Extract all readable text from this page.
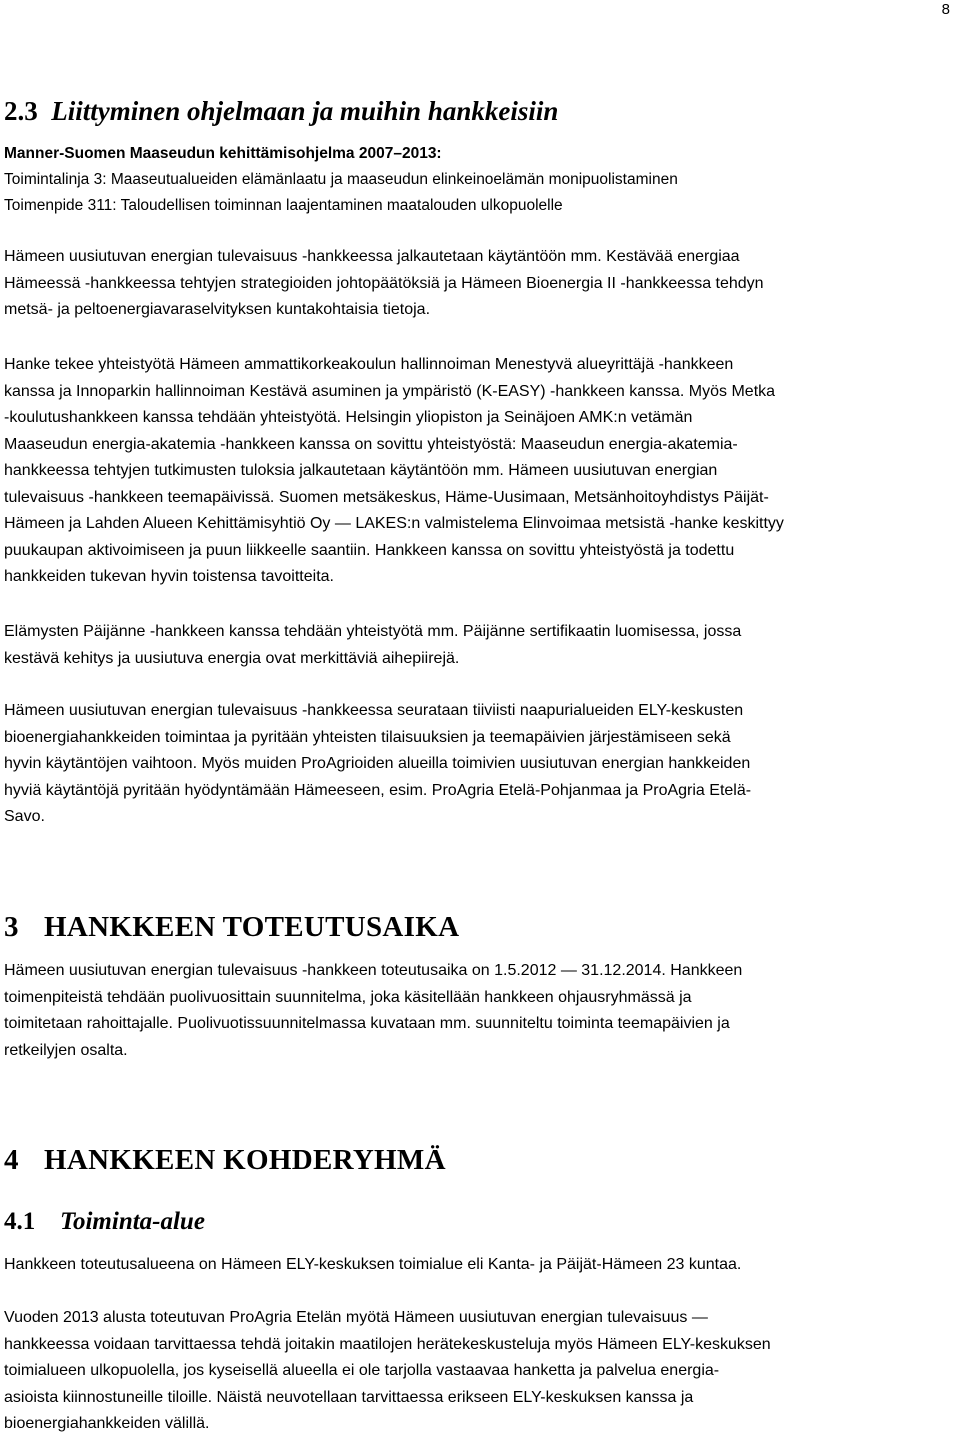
8
2.3 Liittyminen ohjelmaan ja muihin hankkeisiin
Manner-Suomen Maaseudun kehittämisohjelma 2007–2013:
Toimintalinja 3: Maaseutualueiden elämänlaatu ja maaseudun elinkeinoelämän monipuolistaminen
Toimenpide 311: Taloudellisen toiminnan laajentaminen maatalouden ulkopuolelle

Hämeen uusiutuvan energian tulevaisuus -hankkeessa jalkautetaan käytäntöön mm. Kestävää energiaa
Hämeessä -hankkeessa tehtyjen strategioiden johtopäätöksiä ja Hämeen Bioenergia II -hankkeessa tehdyn
metsä- ja peltoenergiavaraselvityksen kuntakohtaisia tietoja.

Hanke tekee yhteistyötä Hämeen ammattikorkeakoulun hallinnoiman Menestyvä alueyrittäjä -hankkeen
kanssa ja Innoparkin hallinnoiman Kestävä asuminen ja ympäristö (K-EASY) -hankkeen kanssa. Myös Metka
-koulutushankkeen kanssa tehdään yhteistyötä. Helsingin yliopiston ja Seinäjoen AMK:n vetämän
Maaseudun energia-akatemia -hankkeen kanssa on sovittu yhteistyöstä: Maaseudun energia-akatemia-
hankkeessa tehtyjen tutkimusten tuloksia jalkautetaan käytäntöön mm. Hämeen uusiutuvan energian
tulevaisuus -hankkeen teemapäivissä. Suomen metsäkeskus, Häme-Uusimaan, Metsänhoitoyhdistys Päijät-
Hämeen ja Lahden Alueen Kehittämisyhtiö Oy — LAKES:n valmistelema Elinvoimaa metsistä -hanke keskittyy
puukaupan aktivoimiseen ja puun liikkeelle saantiin. Hankkeen kanssa on sovittu yhteistyöstä ja todettu
hankkeiden tukevan hyvin toistensa tavoitteita.

Elämysten Päijänne -hankkeen kanssa tehdään yhteistyötä mm. Päijänne sertifikaatin luomisessa, jossa
kestävä kehitys ja uusiutuva energia ovat merkittäviä aihepiirejä.

Hämeen uusiutuvan energian tulevaisuus -hankkeessa seurataan tiiviisti naapurialueiden ELY-keskusten
bioenergiahankkeiden toimintaa ja pyritään yhteisten tilaisuuksien ja teemapäivien järjestämiseen sekä
hyvin käytäntöjen vaihtoon. Myös muiden ProAgrioiden alueilla toimivien uusiutuvan energian hankkeiden
hyviä käytäntöjä pyritään hyödyntämään Hämeeseen, esim. ProAgria Etelä-Pohjanmaa ja ProAgria Etelä-
Savo.

3 HANKKEEN TOTEUTUSAIKA

Hämeen uusiutuvan energian tulevaisuus -hankkeen toteutusaika on 1.5.2012 — 31.12.2014. Hankkeen
toimenpiteistä tehdään puolivuosittain suunnitelma, joka käsitellään hankkeen ohjausryhmässä ja
toimitetaan rahoittajalle. Puolivuotissuunnitelmassa kuvataan mm. suunniteltu toiminta teemapäivien ja
retkeilyjen osalta.

4 HANKKEEN KOHDERYHMÄ
4.1 Toiminta-alue

Hankkeen toteutusalueena on Hämeen ELY-keskuksen toimialue eli Kanta- ja Päijät-Hämeen 23 kuntaa.

Vuoden 2013 alusta toteutuvan ProAgria Etelän myötä Hämeen uusiutuvan energian tulevaisuus —
hankkeessa voidaan tarvittaessa tehdä joitakin maatilojen herätekeskusteluja myös Hämeen ELY-keskuksen
toimialueen ulkopuolella, jos kyseisellä alueella ei ole tarjolla vastaavaa hanketta ja palvelua energia-
asioista kiinnostuneille tiloille. Näistä neuvotellaan tarvittaessa erikseen ELY-keskuksen kanssa ja
bioenergiahankkeiden välillä.
